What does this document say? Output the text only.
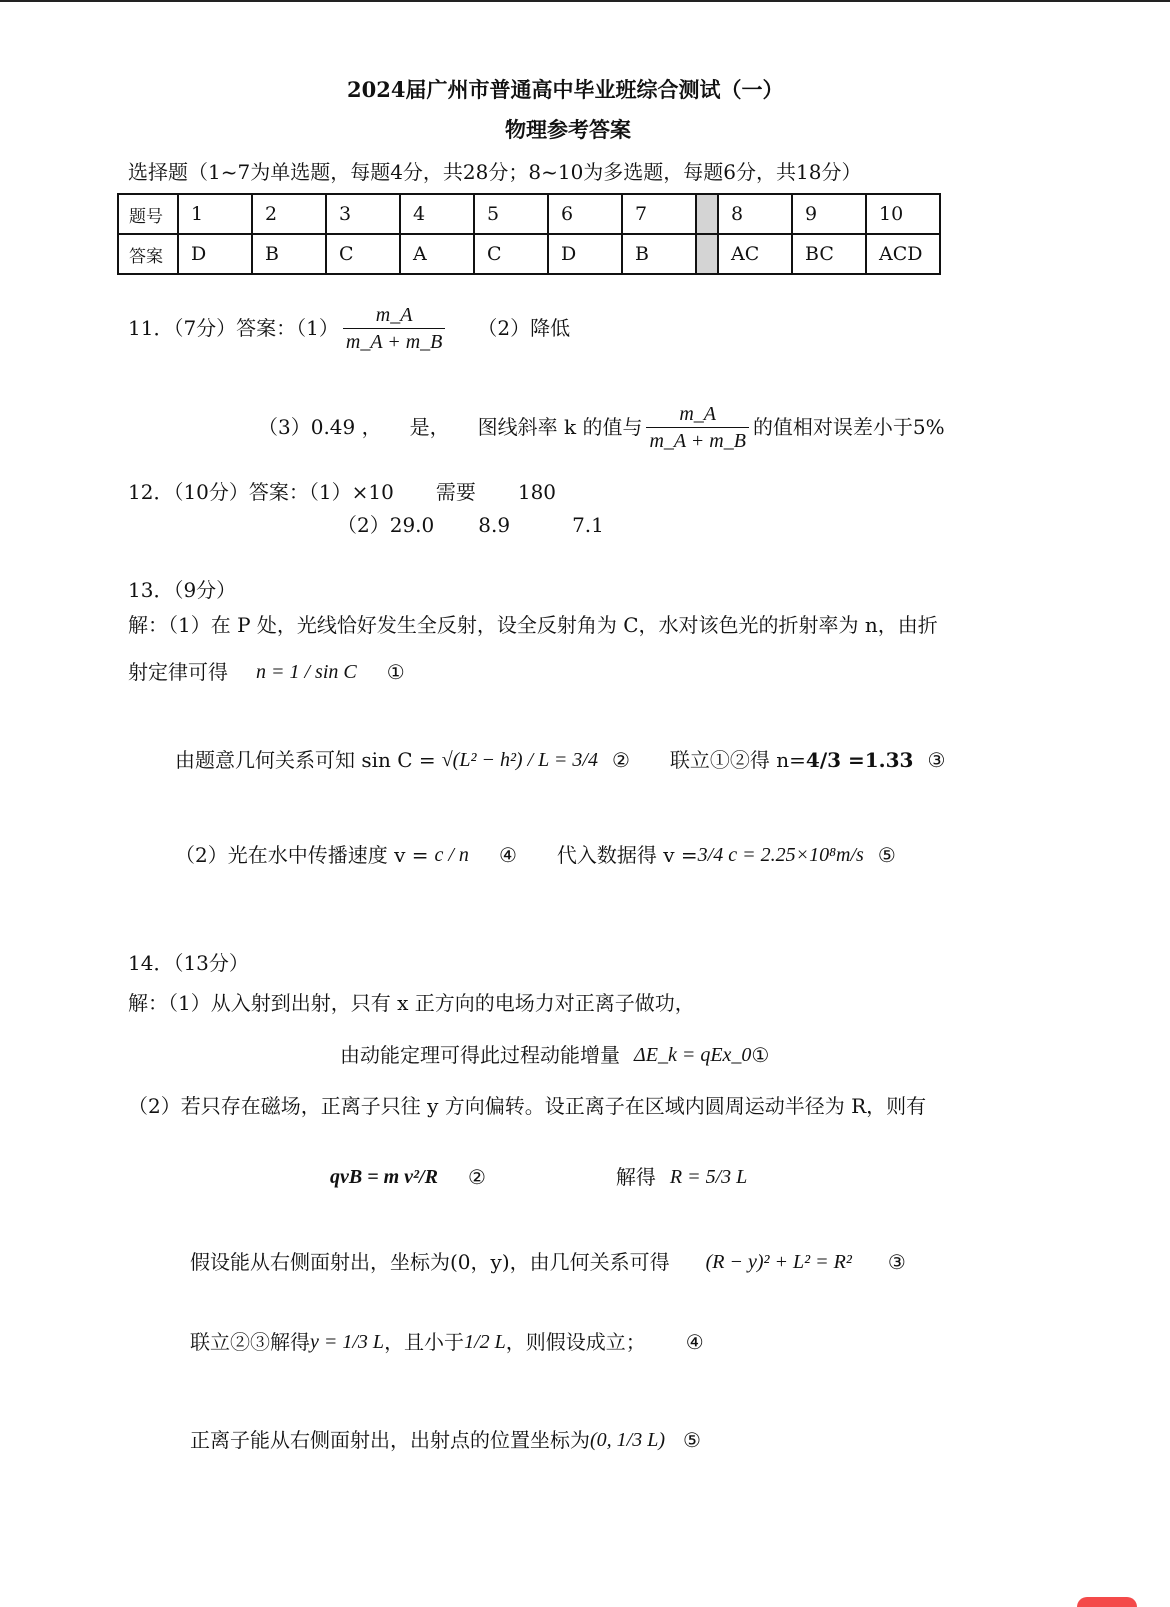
2024届广州市普通高中毕业班综合测试（一）
物理参考答案
选择题（1~7为单选题，每题4分，共28分；8~10为多选题，每题6分，共18分）
题号	1	2	3	4	5	6	7		8	9	10
答案	D	B	C	A	C	D	B		AC	BC	ACD
11．（7分）答案：$(1) \frac{m\_A}{m\_A + m\_B} (2)$降低
（3）0.49 ， 是， 图线斜率 k 的值与 $\frac{m\_A}{m\_A + m\_B}$ 的值相对误差小于5%
12．（10分）答案：（1）×10 需要 180
（2）29.0 8.9	7.1
13．（9分）
解：（1）在 P 处，光线恰好发生全反射，设全反射角为 C，水对该色光的折射率为 n，由折
射定律可得 n = 1 / sin C ①
由题意几何关系可知 sin C = √(L² − h²) / L = 3/4 ② 联立①②得 n= 4/3 =1.33 ③
（2）光在水中传播速度 v = c / n ④ 代入数据得 v = 3/4 c = 2.25×10⁸m/s ⑤
14．（13分）
解：（1）从入射到出射，只有 x 正方向的电场力对正离子做功，
由动能定理可得此过程动能增量 ΔE_k = qEx_0 ①
（2）若只存在磁场，正离子只往 y 方向偏转。设正离子在区域内圆周运动半径为 R，则有
qvB = m v²/R ②	解得 R = 5/3 L
假设能从右侧面射出，坐标为(0，y)，由几何关系可得 (R − y)² + L² = R² ③
联立②③解得 y = 1/3 L ，且小于 1/2 L ，则假设成立； ④
正离子能从右侧面射出，出射点的位置坐标为 (0, 1/3 L) ⑤
